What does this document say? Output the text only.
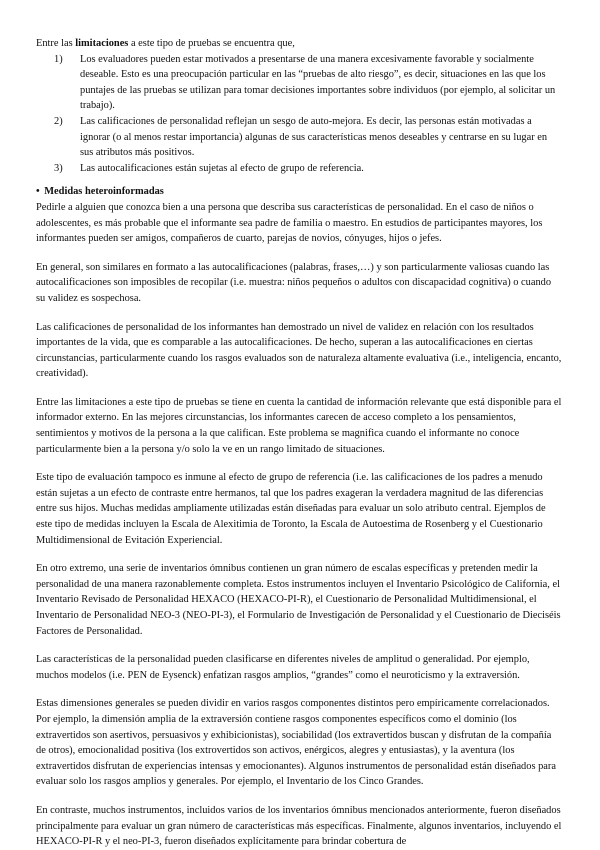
Entre las limitaciones a este tipo de pruebas se encuentra que,

1) Los evaluadores pueden estar motivados a presentarse de una manera excesivamente favorable y socialmente deseable. Esto es una preocupación particular en las “pruebas de alto riesgo”, es decir, situaciones en las que los puntajes de las pruebas se utilizan para tomar decisiones importantes sobre individuos (por ejemplo, al solicitar un trabajo).
2) Las calificaciones de personalidad reflejan un sesgo de auto-mejora. Es decir, las personas están motivadas a ignorar (o al menos restar importancia) algunas de sus características menos deseables y centrarse en su lugar en sus atributos más positivos.
3) Las autocalificaciones están sujetas al efecto de grupo de referencia.
• Medidas heteroinformadas

Pedirle a alguien que conozca bien a una persona que describa sus características de personalidad. En el caso de niños o adolescentes, es más probable que el informante sea padre de familia o maestro. En estudios de participantes mayores, los informantes pueden ser amigos, compañeros de cuarto, parejas de novios, cónyuges, hijos o jefes.

En general, son similares en formato a las autocalificaciones (palabras, frases,…) y son particularmente valiosas cuando las autocalificaciones son imposibles de recopilar (i.e. muestra: niños pequeños o adultos con discapacidad cognitiva) o cuando su validez es sospechosa.

Las calificaciones de personalidad de los informantes han demostrado un nivel de validez en relación con los resultados importantes de la vida, que es comparable a las autocalificaciones. De hecho, superan a las autocalificaciones en ciertas circunstancias, particularmente cuando los rasgos evaluados son de naturaleza altamente evaluativa (i.e., inteligencia, encanto, creatividad).

Entre las limitaciones a este tipo de pruebas se tiene en cuenta la cantidad de información relevante que está disponible para el informador externo. En las mejores circunstancias, los informantes carecen de acceso completo a los pensamientos, sentimientos y motivos de la persona a la que califican. Este problema se magnifica cuando el informante no conoce particularmente bien a la persona y/o solo la ve en un rango limitado de situaciones.

Este tipo de evaluación tampoco es inmune al efecto de grupo de referencia (i.e. las calificaciones de los padres a menudo están sujetas a un efecto de contraste entre hermanos, tal que los padres exageran la verdadera magnitud de las diferencias entre sus hijos. Muchas medidas ampliamente utilizadas están diseñadas para evaluar un solo atributo central. Ejemplos de este tipo de medidas incluyen la Escala de Alexitimia de Toronto, la Escala de Autoestima de Rosenberg y el Cuestionario Multidimensional de Evitación Experiencial.

En otro extremo, una serie de inventarios ómnibus contienen un gran número de escalas específicas y pretenden medir la personalidad de una manera razonablemente completa. Estos instrumentos incluyen el Inventario Psicológico de California, el Inventario Revisado de Personalidad HEXACO (HEXACO-PI-R), el Cuestionario de Personalidad Multidimensional, el Inventario de Personalidad NEO-3 (NEO-PI-3), el Formulario de Investigación de Personalidad y el Cuestionario de Dieciséis Factores de Personalidad.

Las características de la personalidad pueden clasificarse en diferentes niveles de amplitud o generalidad. Por ejemplo, muchos modelos (i.e. PEN de Eysenck) enfatizan rasgos amplios, “grandes” como el neuroticismo y la extraversión.

Estas dimensiones generales se pueden dividir en varios rasgos componentes distintos pero empíricamente correlacionados. Por ejemplo, la dimensión amplia de la extraversión contiene rasgos componentes específicos como el dominio (los extravertidos son asertivos, persuasivos y exhibicionistas), sociabilidad (los extravertidos buscan y disfrutan de la compañía de otros), emocionalidad positiva (los extrovertidos son activos, enérgicos, alegres y entusiastas), y la aventura (los extravertidos disfrutan de experiencias intensas y emocionantes). Algunos instrumentos de personalidad están diseñados para evaluar solo los rasgos amplios y generales. Por ejemplo, el Inventario de los Cinco Grandes.

En contraste, muchos instrumentos, incluidos varios de los inventarios ómnibus mencionados anteriormente, fueron diseñados principalmente para evaluar un gran número de características más específicas. Finalmente, algunos inventarios, incluyendo el HEXACO-PI-R y el neo-PI-3, fueron diseñados explícitamente para brindar cobertura de
